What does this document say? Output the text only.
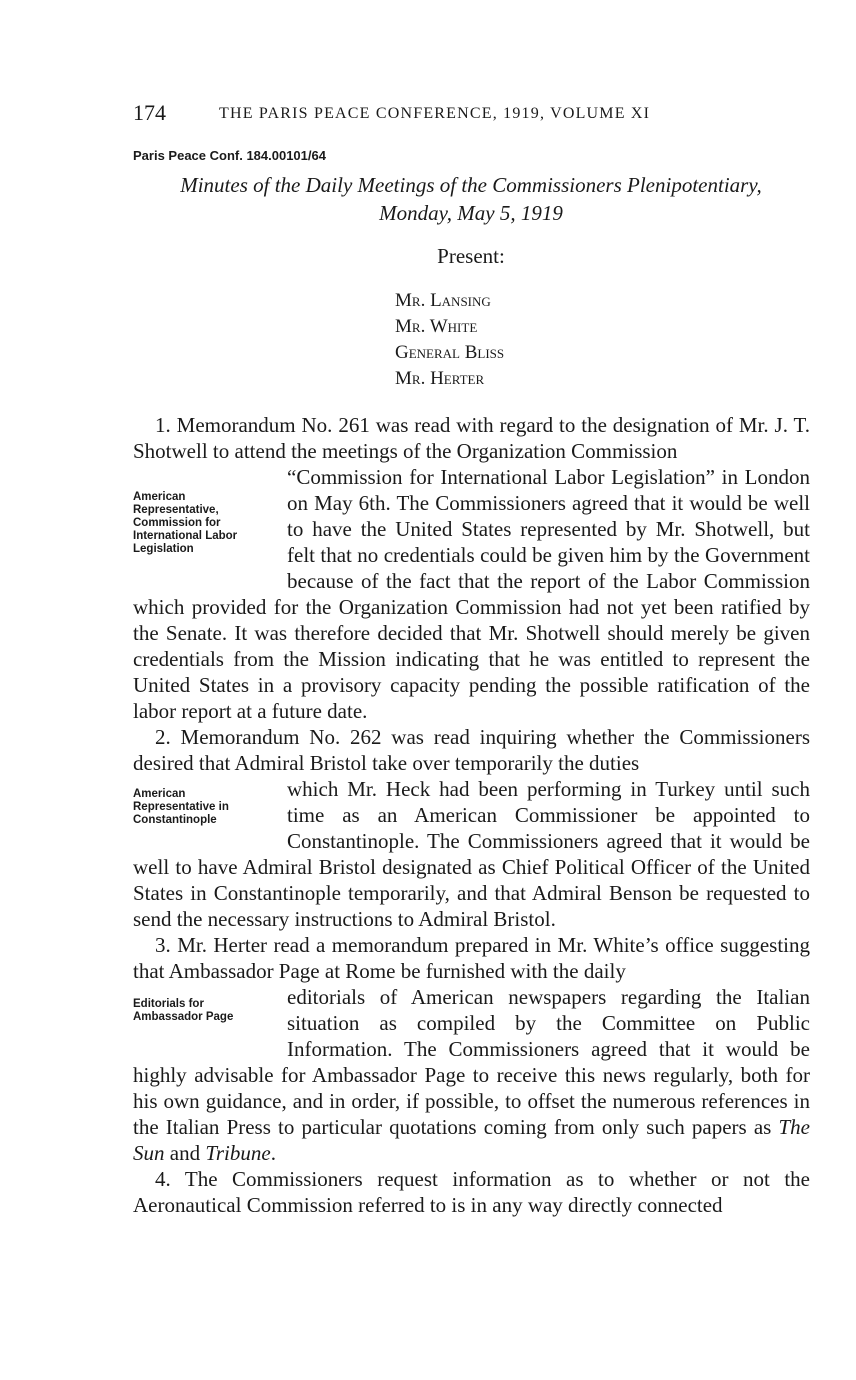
174	THE PARIS PEACE CONFERENCE, 1919, VOLUME XI
Paris Peace Conf. 184.00101/64
Minutes of the Daily Meetings of the Commissioners Plenipotentiary,
Monday, May 5, 1919
Present:
Mr. Lansing
Mr. White
General Bliss
Mr. Herter

1. Memorandum No. 261 was read with regard to the designation of Mr. J. T. Shotwell to attend the meetings of the Organization Commission

American Representative, Commission for International Labor Legislation

“Commission for International Labor Legislation” in London on May 6th. The Commissioners agreed that it would be well to have the United States represented by Mr. Shotwell, but felt that no credentials could be given him by the Government because of the fact that the report of the Labor Commission which provided for the Organization Commission had not yet been ratified by the Senate. It was therefore decided that Mr. Shotwell should merely be given credentials from the Mission indicating that he was entitled to represent the United States in a provisory capacity pending the possible ratification of the labor report at a future date.

2. Memorandum No. 262 was read inquiring whether the Commissioners desired that Admiral Bristol take over temporarily the duties

American Representative in Constantinople

which Mr. Heck had been performing in Turkey until such time as an American Commissioner be appointed to Constantinople. The Commissioners agreed that it would be well to have Admiral Bristol designated as Chief Political Officer of the United States in Constantinople temporarily, and that Admiral Benson be requested to send the necessary instructions to Admiral Bristol.

3. Mr. Herter read a memorandum prepared in Mr. White’s office suggesting that Ambassador Page at Rome be furnished with the daily

Editorials for Ambassador Page

editorials of American newspapers regarding the Italian situation as compiled by the Committee on Public Information. The Commissioners agreed that it would be highly advisable for Ambassador Page to receive this news regularly, both for his own guidance, and in order, if possible, to offset the numerous references in the Italian Press to particular quotations coming from only such papers as The Sun and Tribune.

4. The Commissioners request information as to whether or not the Aeronautical Commission referred to is in any way directly connected
